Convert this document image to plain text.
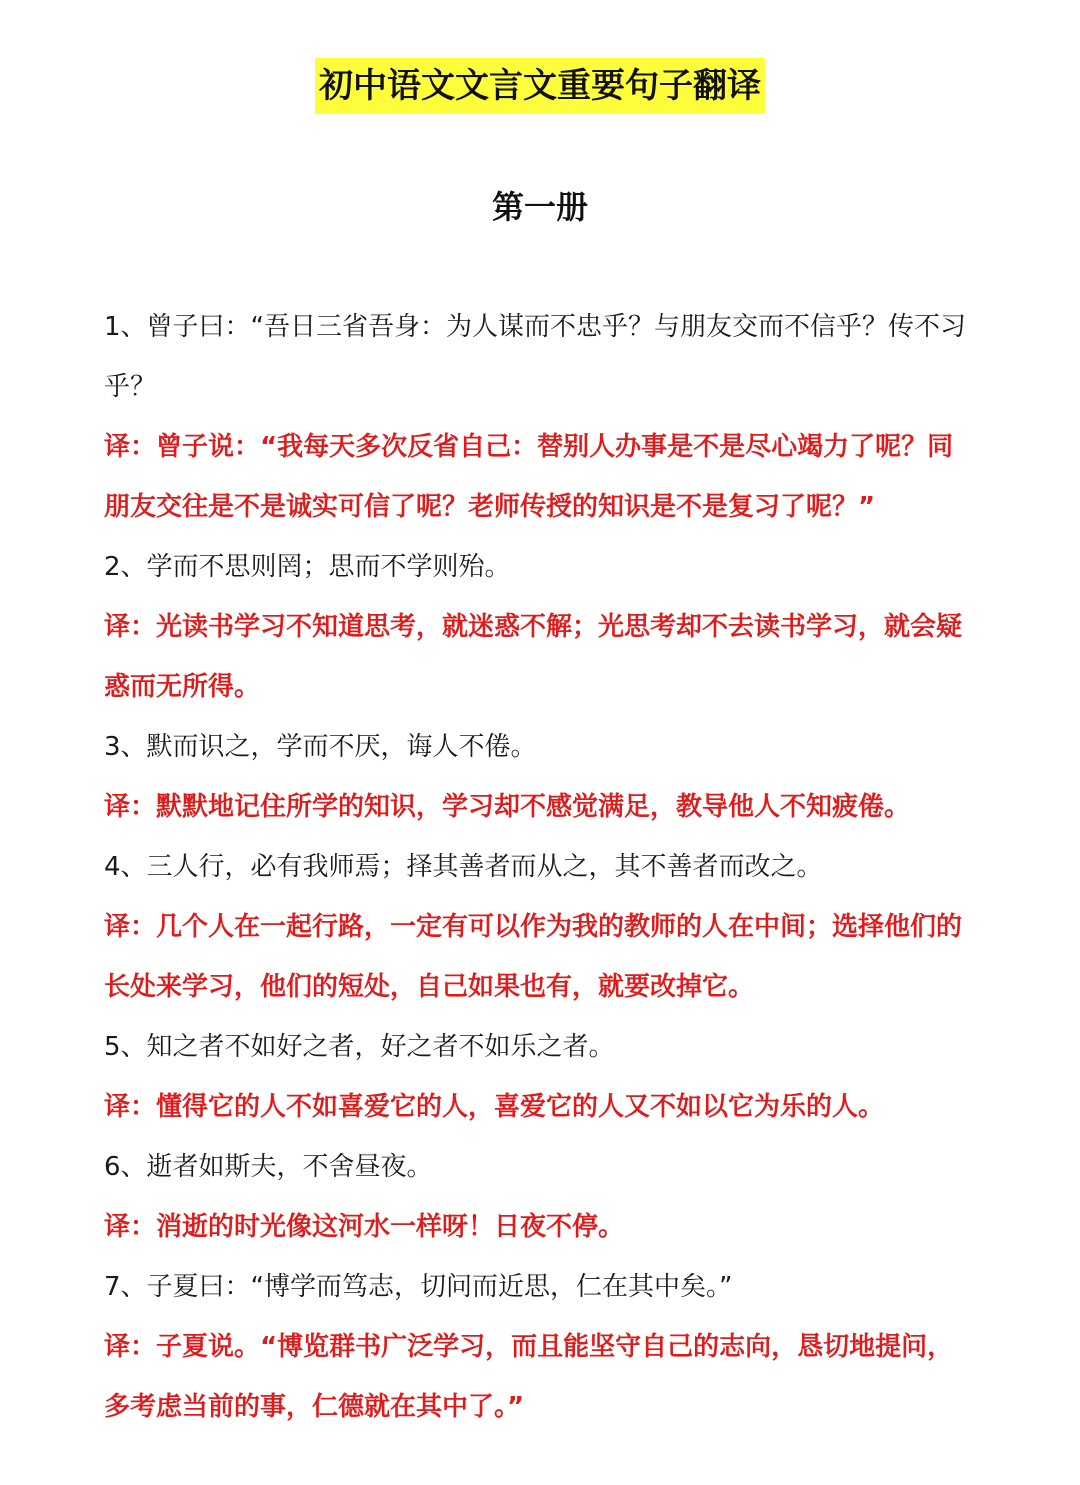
初中语文文言文重要句子翻译
第一册

1、曾子曰：“吾日三省吾身：为人谋而不忠乎？与朋友交而不信乎？传不习乎？

译：曾子说：“我每天多次反省自己：替别人办事是不是尽心竭力了呢？同朋友交往是不是诚实可信了呢？老师传授的知识是不是复习了呢？”

2、学而不思则罔；思而不学则殆。

译：光读书学习不知道思考，就迷惑不解；光思考却不去读书学习，就会疑惑而无所得。

3、默而识之，学而不厌，诲人不倦。

译：默默地记住所学的知识，学习却不感觉满足，教导他人不知疲倦。

4、三人行，必有我师焉；择其善者而从之，其不善者而改之。

译：几个人在一起行路，一定有可以作为我的教师的人在中间；选择他们的长处来学习，他们的短处，自己如果也有，就要改掉它。

5、知之者不如好之者，好之者不如乐之者。

译：懂得它的人不如喜爱它的人，喜爱它的人又不如以它为乐的人。

6、逝者如斯夫，不舍昼夜。

译：消逝的时光像这河水一样呀！日夜不停。

7、子夏曰：“博学而笃志，切问而近思，仁在其中矣。”

译：子夏说。“博览群书广泛学习，而且能坚守自己的志向，恳切地提问，多考虑当前的事，仁德就在其中了。”
